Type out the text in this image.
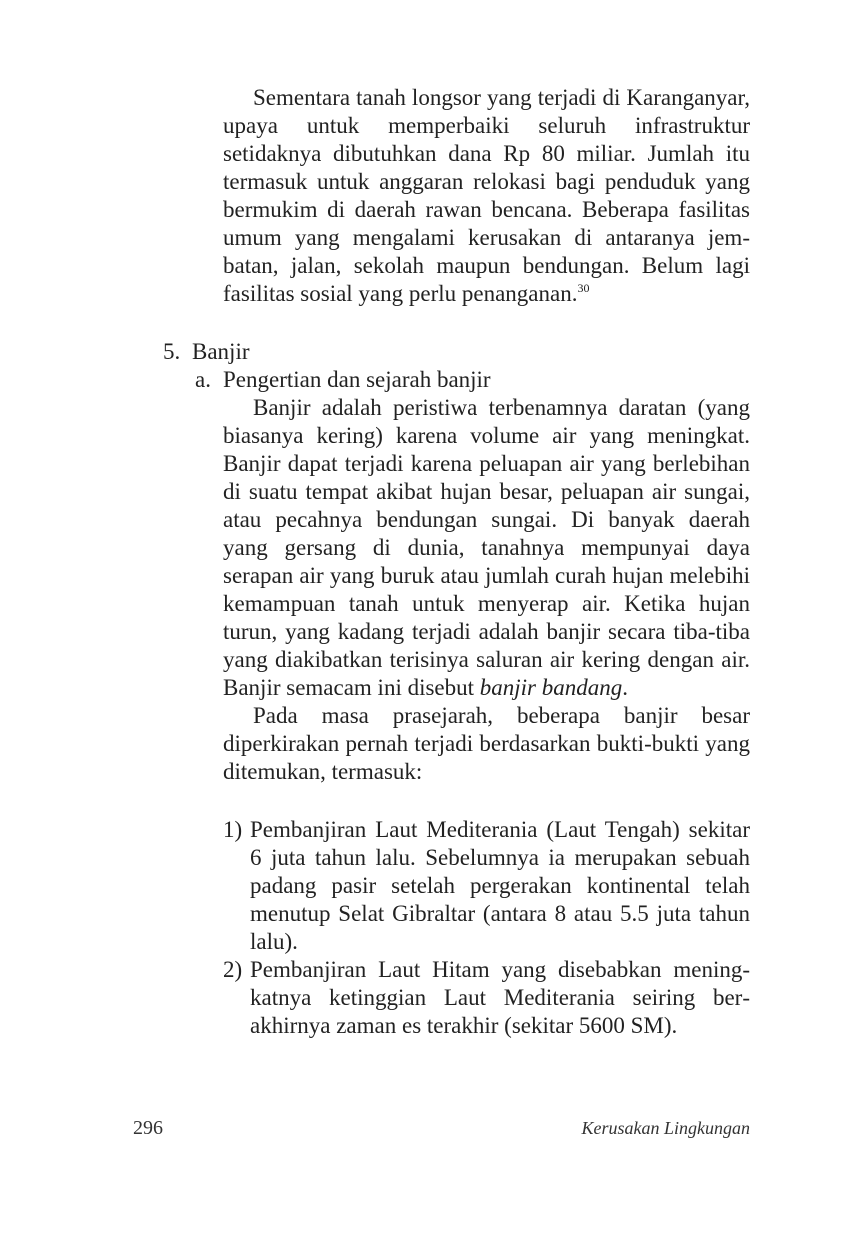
Sementara tanah longsor yang terjadi di Karanganyar, upaya untuk memperbaiki seluruh infrastruktur setidaknya dibutuhkan dana Rp 80 miliar. Jumlah itu termasuk untuk anggaran relokasi bagi penduduk yang bermukim di daerah rawan bencana. Beberapa fasilitas umum yang mengalami kerusakan di antaranya jembatan, jalan, sekolah maupun bendungan. Belum lagi fasilitas sosial yang perlu penanganan.$^{30}$
5. Banjir
a. Pengertian dan sejarah banjir

Banjir adalah peristiwa terbenamnya daratan (yang biasanya kering) karena volume air yang meningkat. Banjir dapat terjadi karena peluapan air yang berlebihan di suatu tempat akibat hujan besar, peluapan air sungai, atau pecahnya bendungan sungai. Di banyak daerah yang gersang di dunia, tanahnya mempunyai daya serapan air yang buruk atau jumlah curah hujan melebihi kemampuan tanah untuk menyerap air. Ketika hujan turun, yang kadang terjadi adalah banjir secara tiba-tiba yang diakibatkan terisinya saluran air kering dengan air. Banjir semacam ini disebut banjir bandang.

Pada masa prasejarah, beberapa banjir besar diperkirakan pernah terjadi berdasarkan bukti-bukti yang ditemukan, termasuk:

1) Pembanjiran Laut Mediterania (Laut Tengah) sekitar 6 juta tahun lalu. Sebelumnya ia merupakan sebuah padang pasir setelah pergerakan kontinental telah menutup Selat Gibraltar (antara 8 atau 5.5 juta tahun lalu).
2) Pembanjiran Laut Hitam yang disebabkan meningkatnya ketinggian Laut Mediterania seiring berakhirnya zaman es terakhir (sekitar 5600 SM).
296	Kerusakan Lingkungan
